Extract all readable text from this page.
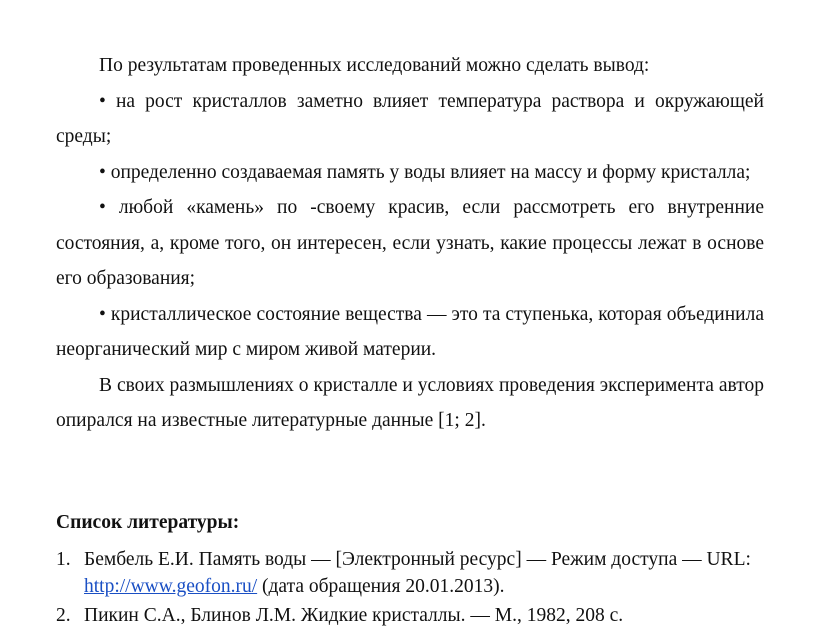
По результатам проведенных исследований можно сделать вывод:

• на рост кристаллов заметно влияет температура раствора и окружающей среды;

• определенно создаваемая память у воды влияет на массу и форму кристалла;

• любой «камень» по -своему красив, если рассмотреть его внутренние состояния, а, кроме того, он интересен, если узнать, какие процессы лежат в основе его образования;

• кристаллическое состояние вещества — это та ступенька, которая объединила неорганический мир с миром живой материи.

В своих размышлениях о кристалле и условиях проведения эксперимента автор опирался на известные литературные данные [1; 2].

Список литературы:

1. Бембель Е.И. Память воды — [Электронный ресурс] — Режим доступа — URL: http://www.geofon.ru/ (дата обращения 20.01.2013).
2. Пикин С.А., Блинов Л.М. Жидкие кристаллы. — М., 1982, 208 с.
